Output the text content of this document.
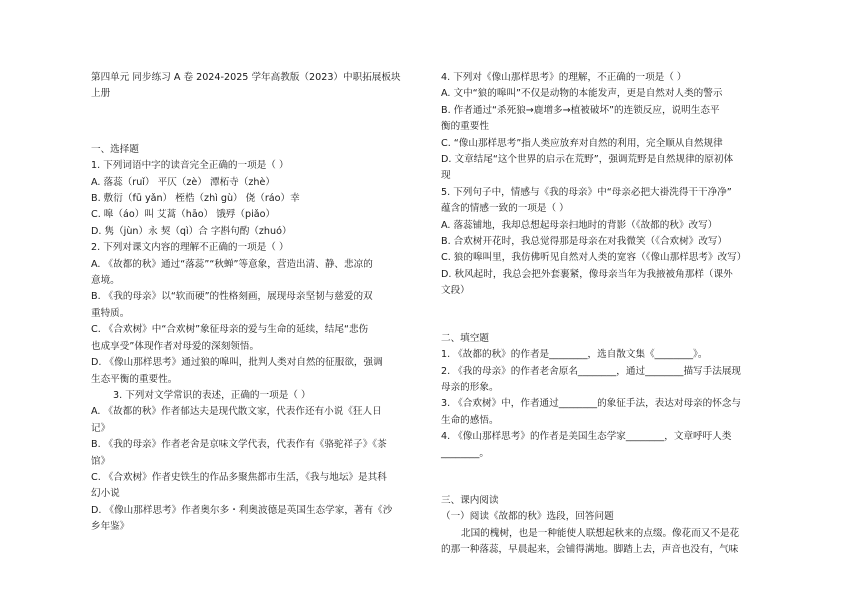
第四单元 同步练习 A 卷 2024-2025 学年高教版（2023）中职拓展板块
上册
一、选择题
1. 下列词语中字的读音完全正确的一项是（ ）
A. 落蕊（ruǐ） 平仄（zè） 潭柘寺（zhè）
B. 敷衍（fū yǎn） 桎梏（zhì gù） 侥（ráo）幸
C. 嗥（áo）叫 艾蒿（hāo） 饿殍（piǎo）
D. 隽（jùn）永 契（qì）合 字斟句酌（zhuó）
2. 下列对课文内容的理解不正确的一项是（ ）
A. 《故都的秋》通过“落蕊”“秋蝉”等意象，营造出清、静、悲凉的
意境。
B. 《我的母亲》以“软而硬”的性格刻画，展现母亲坚韧与慈爱的双
重特质。
C. 《合欢树》中“合欢树”象征母亲的爱与生命的延续，结尾“悲伤
也成享受”体现作者对母爱的深刻领悟。
D. 《像山那样思考》通过狼的嗥叫，批判人类对自然的征服欲，强调
生态平衡的重要性。
3. 下列对文学常识的表述，正确的一项是（ ）
A. 《故都的秋》作者郁达夫是现代散文家，代表作还有小说《狂人日
记》
B. 《我的母亲》作者老舍是京味文学代表，代表作有《骆驼祥子》《茶
馆》
C. 《合欢树》作者史铁生的作品多聚焦都市生活，《我与地坛》是其科
幻小说
D. 《像山那样思考》作者奥尔多・利奥波德是英国生态学家，著有《沙
乡年鉴》
4. 下列对《像山那样思考》的理解，不正确的一项是（ ）
A. 文中“狼的嗥叫”不仅是动物的本能发声，更是自然对人类的警示
B. 作者通过“杀死狼→鹿增多→植被破坏”的连锁反应，说明生态平
衡的重要性
C. “像山那样思考”指人类应放弃对自然的利用，完全顺从自然规律
D. 文章结尾“这个世界的启示在荒野”，强调荒野是自然规律的原初体
现
5. 下列句子中，情感与《我的母亲》中“母亲必把大褂洗得干干净净”
蕴含的情感一致的一项是（ ）
A. 落蕊铺地，我却总想起母亲扫地时的背影（《故都的秋》改写）
B. 合欢树开花时，我总觉得那是母亲在对我微笑（《合欢树》改写）
C. 狼的嗥叫里，我仿佛听见自然对人类的宽容（《像山那样思考》改写）
D. 秋风起时，我总会把外套裹紧，像母亲当年为我掖被角那样（课外
文段）
二、填空题
1. 《故都的秋》的作者是________，选自散文集《________》。
2. 《我的母亲》的作者老舍原名________，通过________描写手法展现
母亲的形象。
3. 《合欢树》中，作者通过________的象征手法，表达对母亲的怀念与
生命的感悟。
4. 《像山那样思考》的作者是美国生态学家________，文章呼吁人类
________。
三、课内阅读
（一）阅读《故都的秋》选段，回答问题
北国的槐树，也是一种能使人联想起秋来的点缀。像花而又不是花
的那一种落蕊，早晨起来，会铺得满地。脚踏上去，声音也没有，气味
